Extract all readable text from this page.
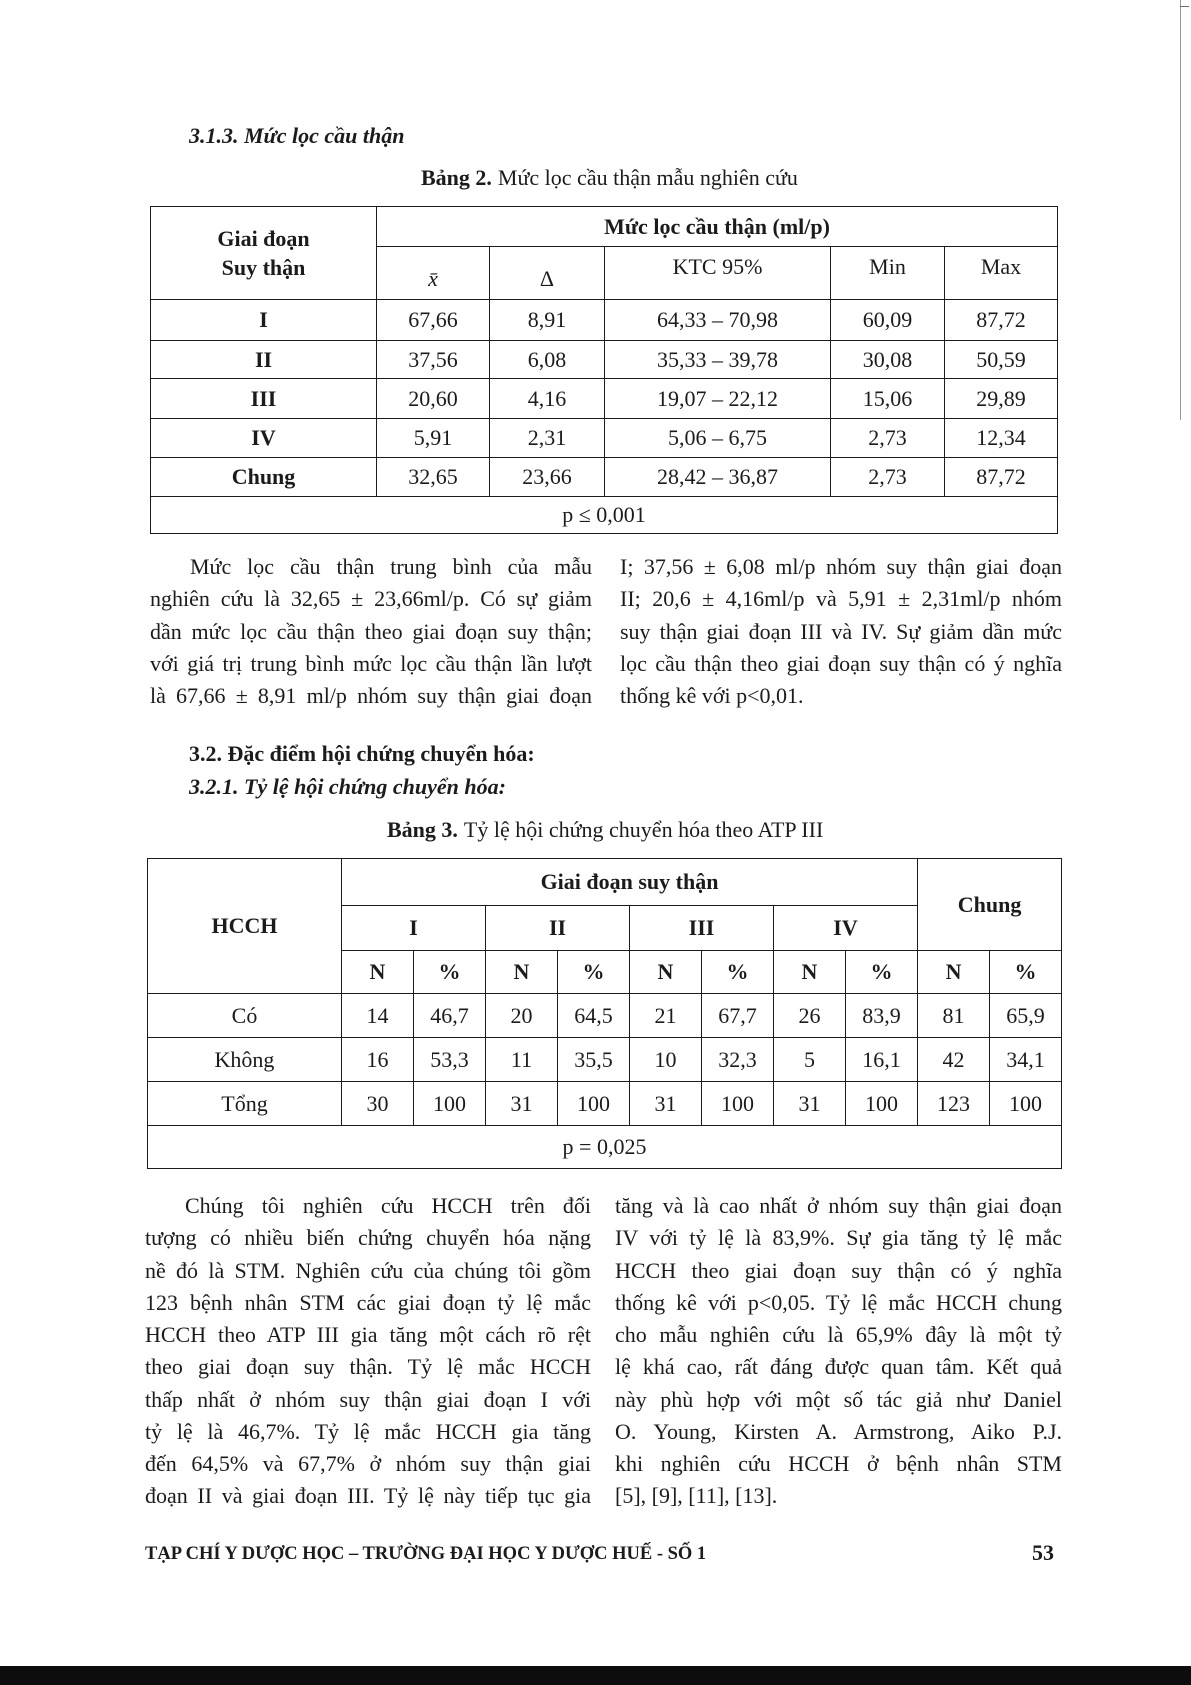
3.1.3. Mức lọc cầu thận
Bảng 2. Mức lọc cầu thận mẫu nghiên cứu
Giai đoạn
Suy thận	Mức lọc cầu thận (ml/p)				
	x̄	Δ	KTC 95%	Min	Max
I	67,66	8,91	64,33 – 70,98	60,09	87,72
II	37,56	6,08	35,33 – 39,78	30,08	50,59
III	20,60	4,16	19,07 – 22,12	15,06	29,89
IV	5,91	2,31	5,06 – 6,75	2,73	12,34
Chung	32,65	23,66	28,42 – 36,87	2,73	87,72
p ≤ 0,001					
Mức lọc cầu thận trung bình của mẫu
nghiên cứu là 32,65 ± 23,66ml/p. Có sự giảm
dần mức lọc cầu thận theo giai đoạn suy thận;
với giá trị trung bình mức lọc cầu thận lần lượt
là 67,66 ± 8,91 ml/p nhóm suy thận giai đoạn
I; 37,56 ± 6,08 ml/p nhóm suy thận giai đoạn
II; 20,6 ± 4,16ml/p và 5,91 ± 2,31ml/p nhóm
suy thận giai đoạn III và IV. Sự giảm dần mức
lọc cầu thận theo giai đoạn suy thận có ý nghĩa
thống kê với p<0,01.
3.2. Đặc điểm hội chứng chuyển hóa:
3.2.1. Tỷ lệ hội chứng chuyển hóa:
Bảng 3. Tỷ lệ hội chứng chuyển hóa theo ATP III
HCCH	Giai đoạn suy thận								Chung	
	I		II		III		IV			
	N	%	N	%	N	%	N	%	N	%
Có	14	46,7	20	64,5	21	67,7	26	83,9	81	65,9
Không	16	53,3	11	35,5	10	32,3	5	16,1	42	34,1
Tổng	30	100	31	100	31	100	31	100	123	100
p = 0,025										
Chúng tôi nghiên cứu HCCH trên đối
tượng có nhiều biến chứng chuyển hóa nặng
nề đó là STM. Nghiên cứu của chúng tôi gồm
123 bệnh nhân STM các giai đoạn tỷ lệ mắc
HCCH theo ATP III gia tăng một cách rõ rệt
theo giai đoạn suy thận. Tỷ lệ mắc HCCH
thấp nhất ở nhóm suy thận giai đoạn I với
tỷ lệ là 46,7%. Tỷ lệ mắc HCCH gia tăng
đến 64,5% và 67,7% ở nhóm suy thận giai
đoạn II và giai đoạn III. Tỷ lệ này tiếp tục gia
tăng và là cao nhất ở nhóm suy thận giai đoạn
IV với tỷ lệ là 83,9%. Sự gia tăng tỷ lệ mắc
HCCH theo giai đoạn suy thận có ý nghĩa
thống kê với p<0,05. Tỷ lệ mắc HCCH chung
cho mẫu nghiên cứu là 65,9% đây là một tỷ
lệ khá cao, rất đáng được quan tâm. Kết quả
này phù hợp với một số tác giả như Daniel
O. Young, Kirsten A. Armstrong, Aiko P.J.
khi nghiên cứu HCCH ở bệnh nhân STM
[5], [9], [11], [13].
TẠP CHÍ Y DƯỢC HỌC – TRƯỜNG ĐẠI HỌC Y DƯỢC HUẾ - SỐ 1	53
